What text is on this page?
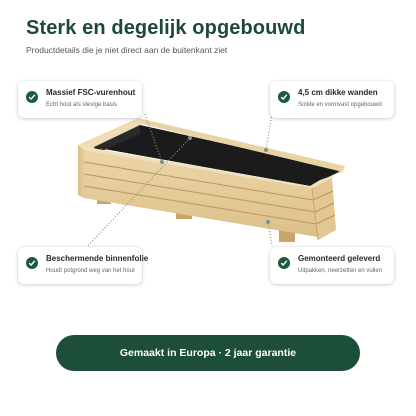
Sterk en degelijk opgebouwd
Productdetails die je niet direct aan de buitenkant ziet
Massief FSC-vurenhout
Echt hout als stevige basis
4,5 cm dikke wanden
Solide en vormvast opgebouwd
Beschermende binnenfolie
Houdt potgrond weg van het hout
Gemonteerd geleverd
Uitpakken, neerzetten en vullen
Gemaakt in Europa · 2 jaar garantie
